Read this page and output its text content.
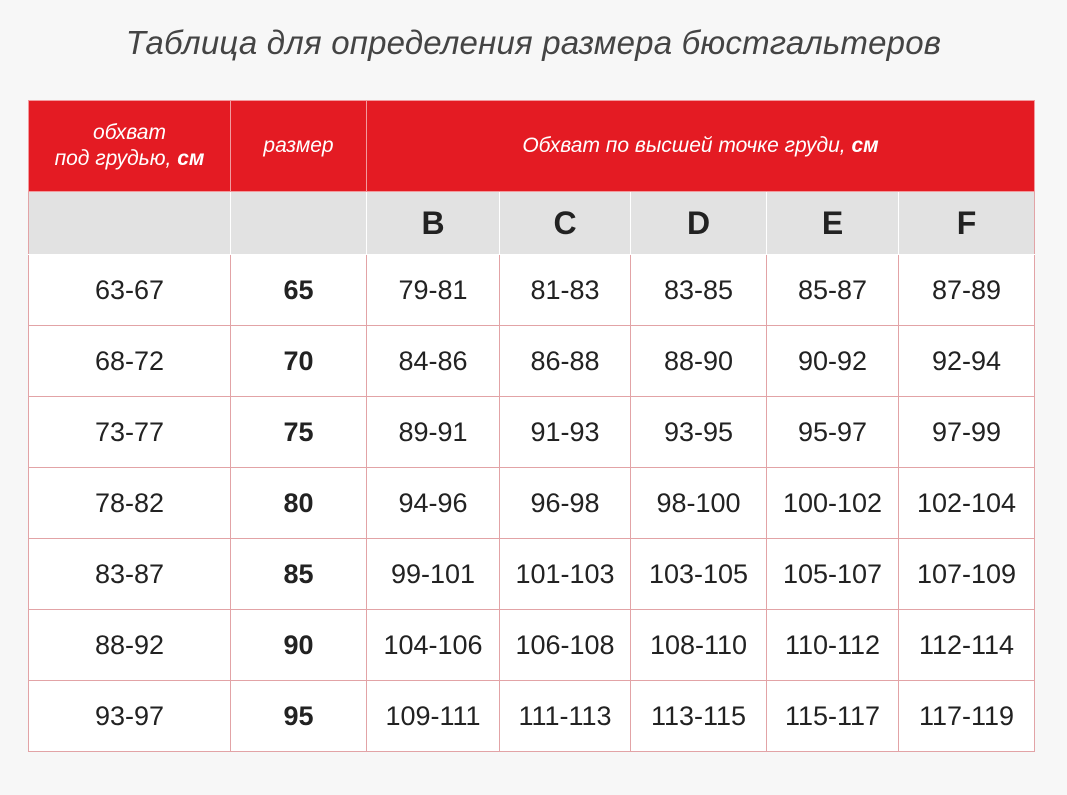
Таблица для определения размера бюстгальтеров
обхват
под грудью, см	размер	Обхват по высшей точке груди, см				
		B	C	D	E	F
63-67	65	79-81	81-83	83-85	85-87	87-89
68-72	70	84-86	86-88	88-90	90-92	92-94
73-77	75	89-91	91-93	93-95	95-97	97-99
78-82	80	94-96	96-98	98-100	100-102	102-104
83-87	85	99-101	101-103	103-105	105-107	107-109
88-92	90	104-106	106-108	108-110	110-112	112-114
93-97	95	109-111	111-113	113-115	115-117	117-119
